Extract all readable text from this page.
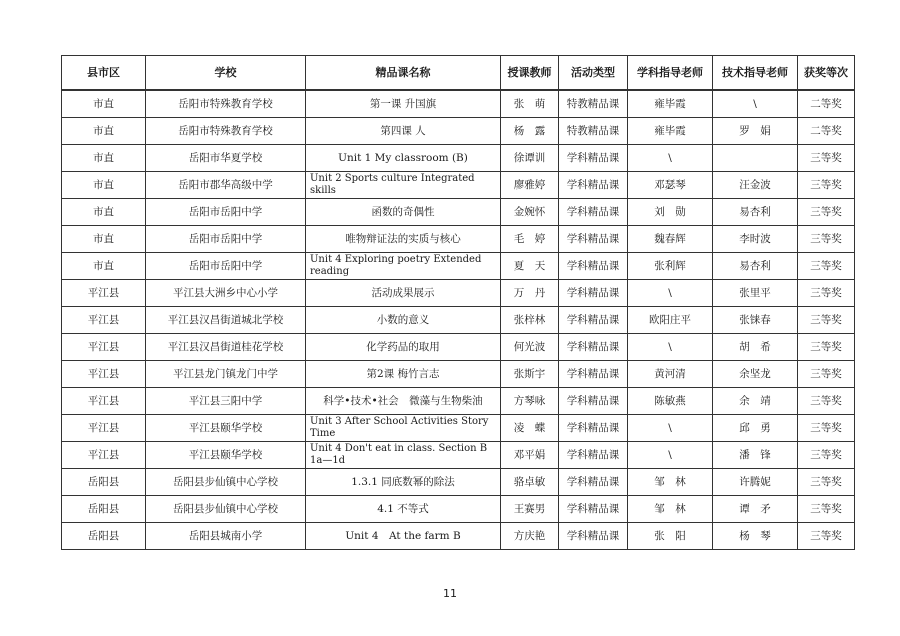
县市区	学校	精品课名称	授课教师	活动类型	学科指导老师	技术指导老师	获奖等次
市直	岳阳市特殊教育学校	第一课 升国旗	张　萌	特教精品课	雍毕霞	\	二等奖
市直	岳阳市特殊教育学校	第四课 人	杨　露	特教精品课	雍毕霞	罗　娟	二等奖
市直	岳阳市华夏学校	Unit 1 My classroom (B)	徐谭训	学科精品课	\		三等奖
市直	岳阳市郡华高级中学	Unit 2 Sports culture Integrated skills	廖雅婷	学科精品课	邓瑟琴	汪金波	三等奖
市直	岳阳市岳阳中学	函数的奇偶性	金婉怀	学科精品课	刘　勋	易杏利	三等奖
市直	岳阳市岳阳中学	唯物辩证法的实质与核心	毛　婷	学科精品课	魏春辉	李时波	三等奖
市直	岳阳市岳阳中学	Unit 4 Exploring poetry Extended reading	夏　天	学科精品课	张利辉	易杏利	三等奖
平江县	平江县大洲乡中心小学	活动成果展示	万　丹	学科精品课	\	张里平	三等奖
平江县	平江县汉昌街道城北学校	小数的意义	张梓林	学科精品课	欧阳庄平	张铼春	三等奖
平江县	平江县汉昌街道桂花学校	化学药品的取用	何光波	学科精品课	\	胡　希	三等奖
平江县	平江县龙门镇龙门中学	第2课 梅竹言志	张斯宇	学科精品课	黄河清	余坚龙	三等奖
平江县	平江县三阳中学	科学•技术•社会　微藻与生物柴油	方琴咏	学科精品课	陈敏燕	余　靖	三等奖
平江县	平江县颐华学校	Unit 3 After School Activities Story Time	凌　蝶	学科精品课	\	邱　勇	三等奖
平江县	平江县颐华学校	Unit 4 Don't eat in class. Section B 1a—1d	邓平娟	学科精品课	\	潘　锋	三等奖
岳阳县	岳阳县步仙镇中心学校	1.3.1 同底数幂的除法	骆卓敏	学科精品课	邹　林	许腾妮	三等奖
岳阳县	岳阳县步仙镇中心学校	4.1 不等式	王赛男	学科精品课	邹　林	谭　矛	三等奖
岳阳县	岳阳县城南小学	Unit 4　At the farm B	方庆艳	学科精品课	张　阳	杨　琴	三等奖
11
